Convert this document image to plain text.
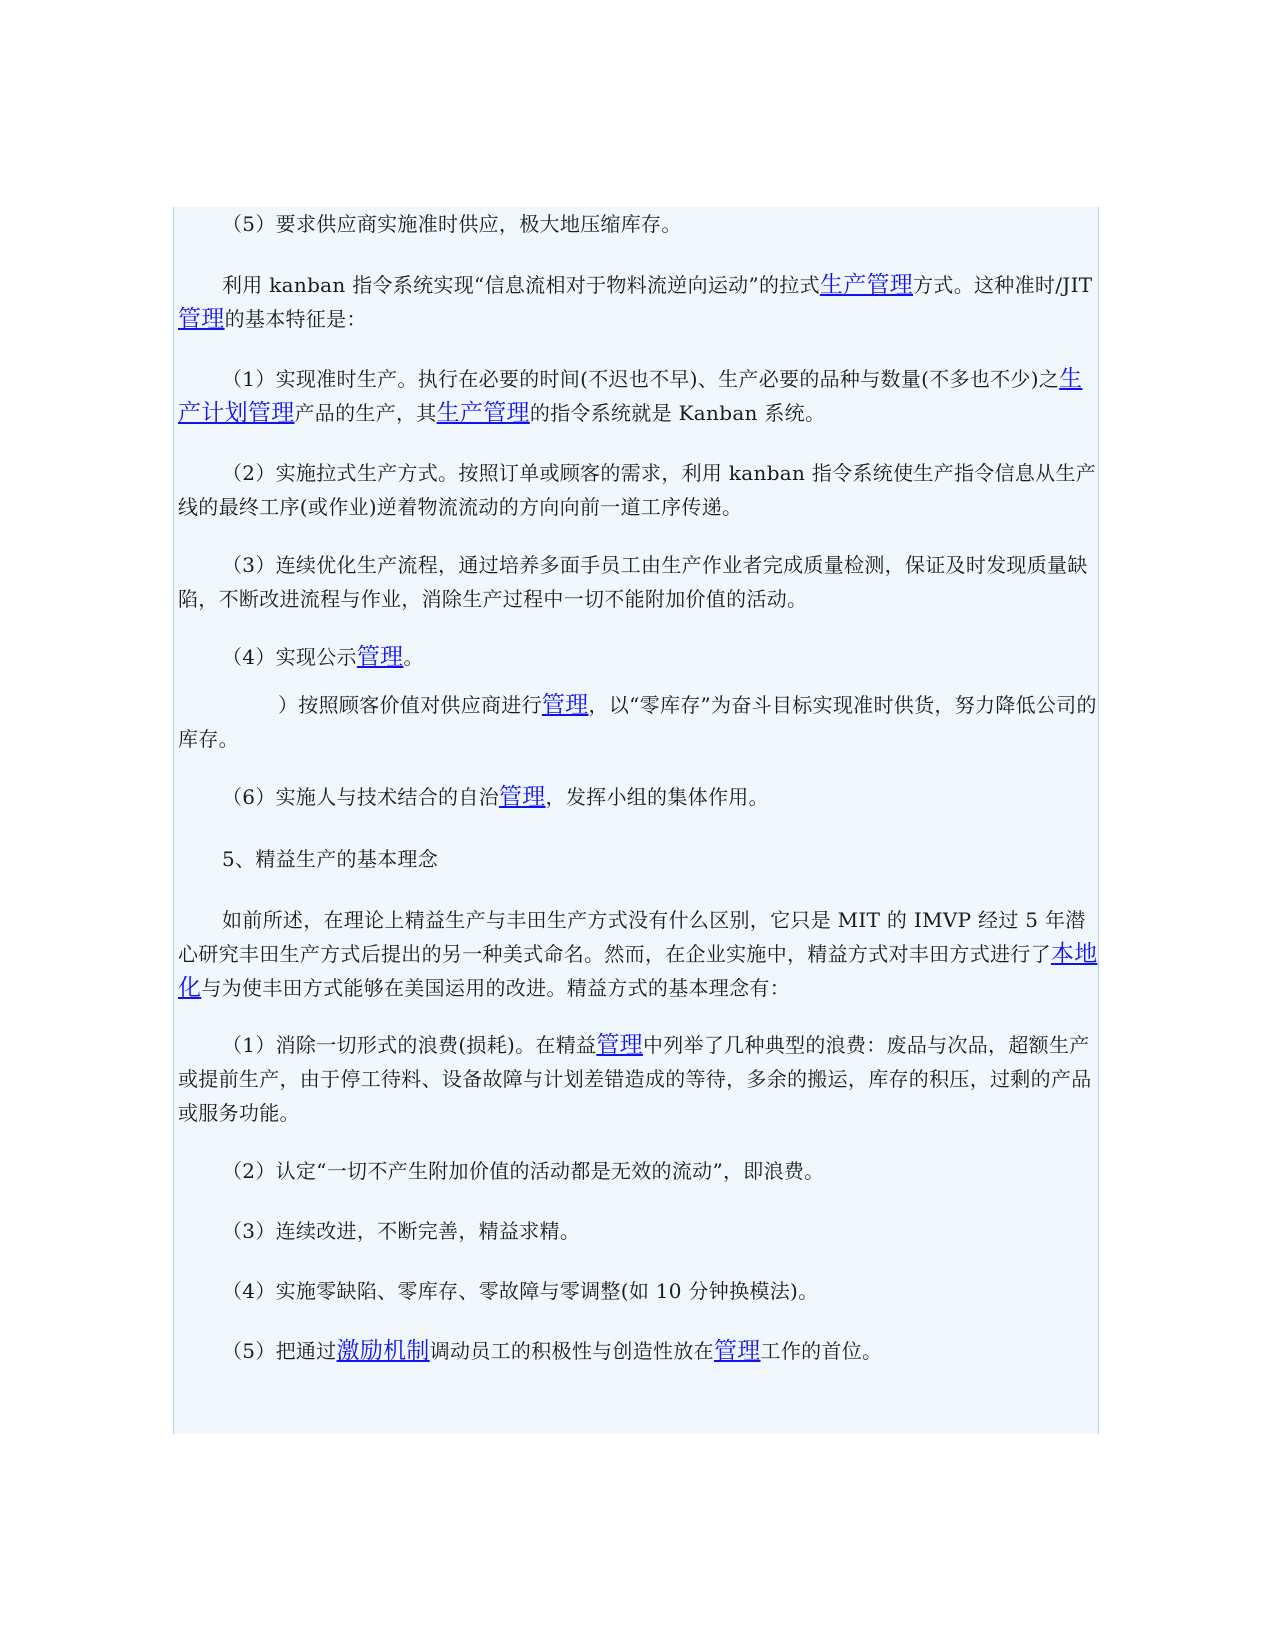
（5）要求供应商实施准时供应，极大地压缩库存。

利用 kanban 指令系统实现“信息流相对于物料流逆向运动”的拉式生产管理方式。这种准时/JIT 管理的基本特征是：

（1）实现准时生产。执行在必要的时间(不迟也不早)、生产必要的品种与数量(不多也不少)之生产计划管理产品的生产，其生产管理的指令系统就是 Kanban 系统。

（2）实施拉式生产方式。按照订单或顾客的需求，利用 kanban 指令系统使生产指令信息从生产线的最终工序(或作业)逆着物流流动的方向向前一道工序传递。

（3）连续优化生产流程，通过培养多面手员工由生产作业者完成质量检测，保证及时发现质量缺陷，不断改进流程与作业，消除生产过程中一切不能附加价值的活动。

（4）实现公示管理。

）按照顾客价值对供应商进行管理，以“零库存”为奋斗目标实现准时供货，努力降低公司的库存。

（6）实施人与技术结合的自治管理，发挥小组的集体作用。

5、精益生产的基本理念

如前所述，在理论上精益生产与丰田生产方式没有什么区别，它只是 MIT 的 IMVP 经过 5 年潜心研究丰田生产方式后提出的另一种美式命名。然而，在企业实施中，精益方式对丰田方式进行了本地化与为使丰田方式能够在美国运用的改进。精益方式的基本理念有：

（1）消除一切形式的浪费(损耗)。在精益管理中列举了几种典型的浪费：废品与次品，超额生产或提前生产，由于停工待料、设备故障与计划差错造成的等待，多余的搬运，库存的积压，过剩的产品或服务功能。

（2）认定“一切不产生附加价值的活动都是无效的流动”，即浪费。

（3）连续改进，不断完善，精益求精。

（4）实施零缺陷、零库存、零故障与零调整(如 10 分钟换模法)。

（5）把通过激励机制调动员工的积极性与创造性放在管理工作的首位。
